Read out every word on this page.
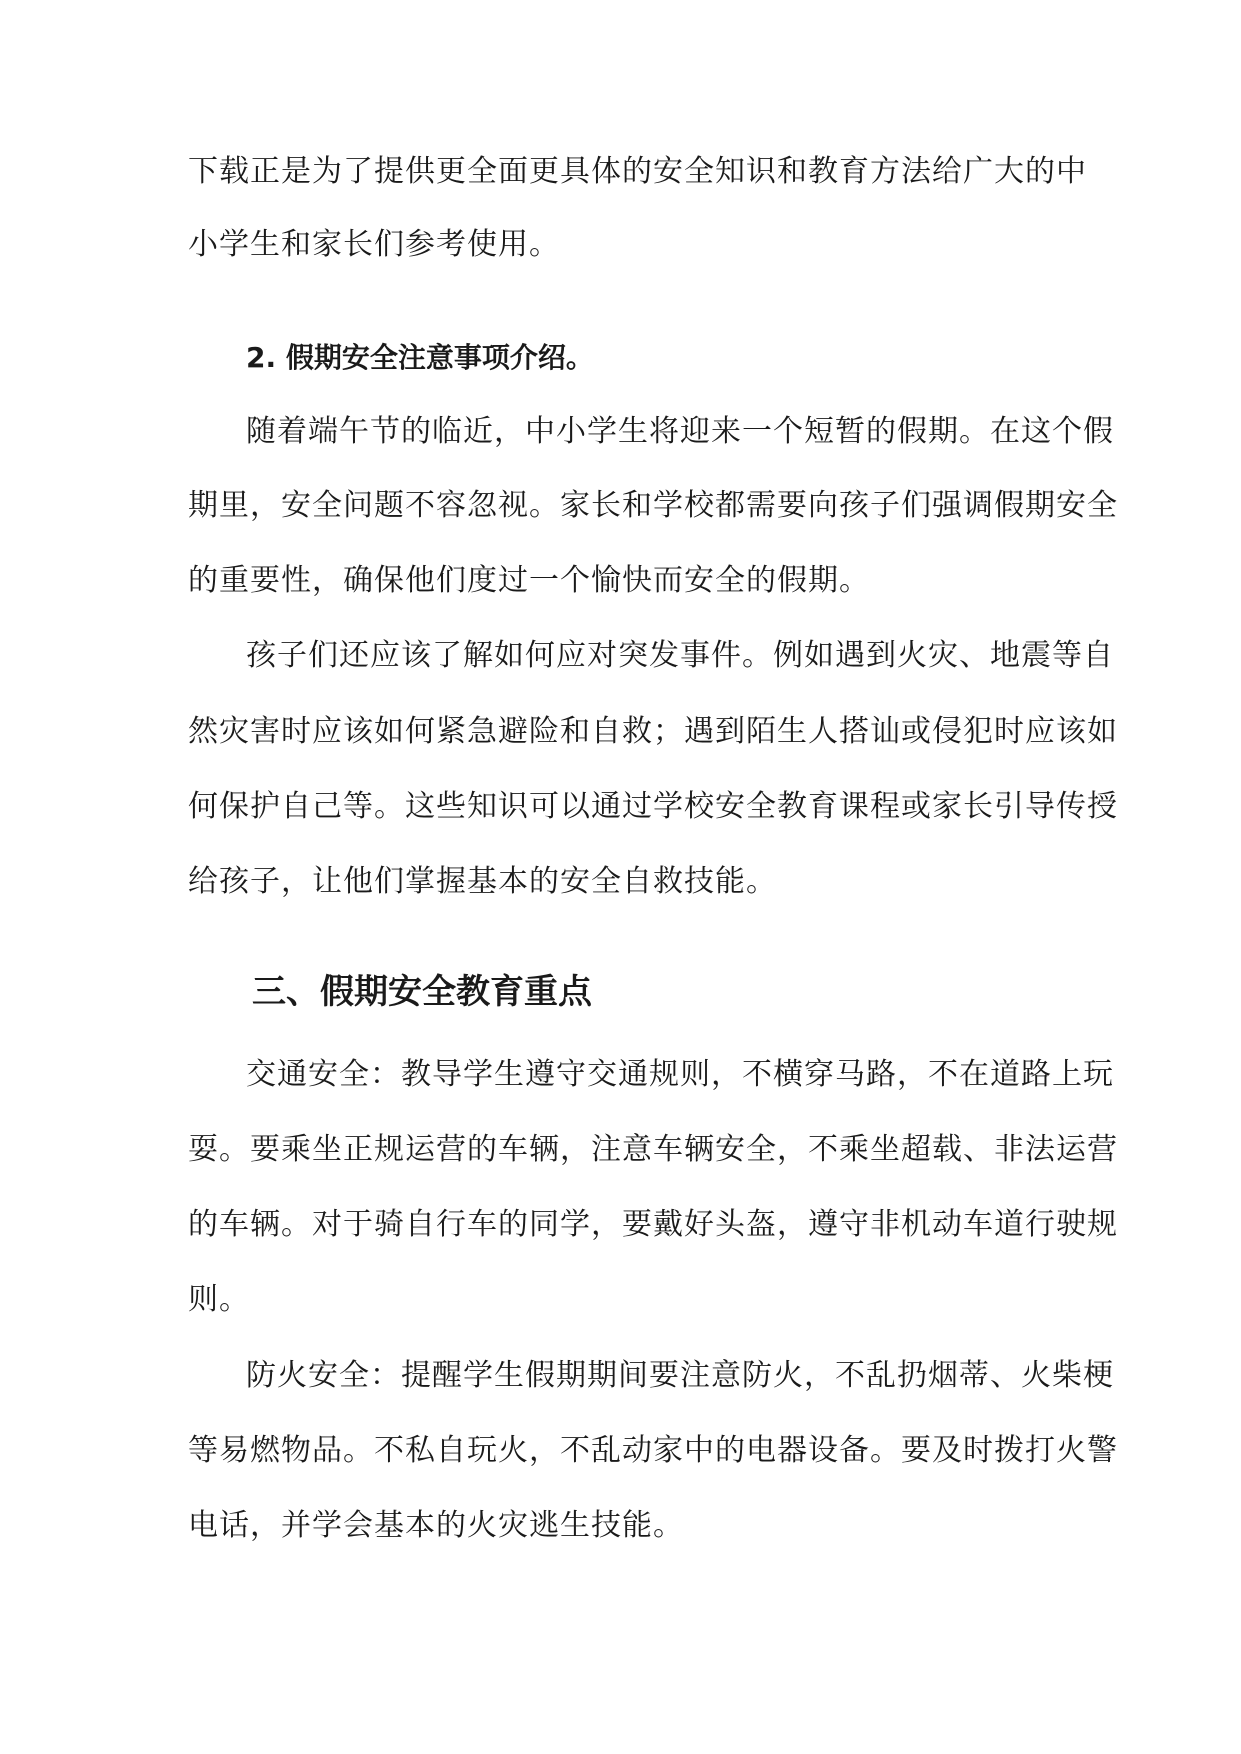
下载正是为了提供更全面更具体的安全知识和教育方法给广大的中
小学生和家长们参考使用。
2. 假期安全注意事项介绍。
随着端午节的临近，中小学生将迎来一个短暂的假期。在这个假
期里，安全问题不容忽视。家长和学校都需要向孩子们强调假期安全
的重要性，确保他们度过一个愉快而安全的假期。
孩子们还应该了解如何应对突发事件。例如遇到火灾、地震等自
然灾害时应该如何紧急避险和自救；遇到陌生人搭讪或侵犯时应该如
何保护自己等。这些知识可以通过学校安全教育课程或家长引导传授
给孩子，让他们掌握基本的安全自救技能。
三、假期安全教育重点
交通安全：教导学生遵守交通规则，不横穿马路，不在道路上玩
耍。要乘坐正规运营的车辆，注意车辆安全，不乘坐超载、非法运营
的车辆。对于骑自行车的同学，要戴好头盔，遵守非机动车道行驶规
则。
防火安全：提醒学生假期期间要注意防火，不乱扔烟蒂、火柴梗
等易燃物品。不私自玩火，不乱动家中的电器设备。要及时拨打火警
电话，并学会基本的火灾逃生技能。
